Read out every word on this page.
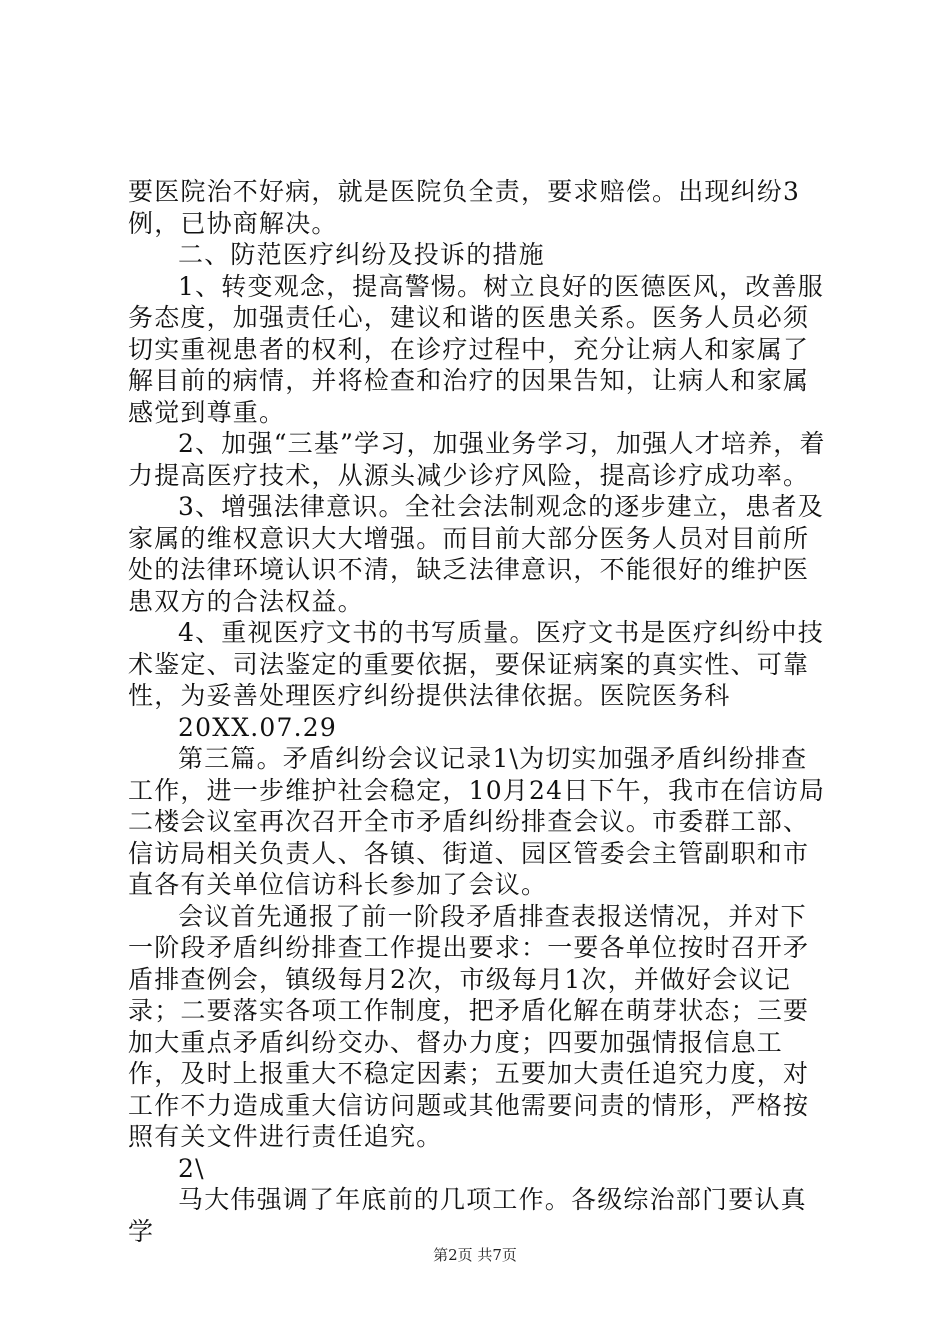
要医院治不好病，就是医院负全责，要求赔偿。出现纠纷3例，已协商解决。

二、防范医疗纠纷及投诉的措施

1、转变观念，提高警惕。树立良好的医德医风，改善服务态度，加强责任心，建议和谐的医患关系。医务人员必须切实重视患者的权利，在诊疗过程中，充分让病人和家属了解目前的病情，并将检查和治疗的因果告知，让病人和家属感觉到尊重。

2、加强“三基”学习，加强业务学习，加强人才培养，着力提高医疗技术，从源头减少诊疗风险，提高诊疗成功率。

3、增强法律意识。全社会法制观念的逐步建立，患者及家属的维权意识大大增强。而目前大部分医务人员对目前所处的法律环境认识不清，缺乏法律意识，不能很好的维护医患双方的合法权益。

4、重视医疗文书的书写质量。医疗文书是医疗纠纷中技术鉴定、司法鉴定的重要依据，要保证病案的真实性、可靠性，为妥善处理医疗纠纷提供法律依据。医院医务科

20XX.07.29

第三篇。矛盾纠纷会议记录1\为切实加强矛盾纠纷排查工作，进一步维护社会稳定，10月24日下午，我市在信访局二楼会议室再次召开全市矛盾纠纷排查会议。市委群工部、信访局相关负责人、各镇、街道、园区管委会主管副职和市直各有关单位信访科长参加了会议。

会议首先通报了前一阶段矛盾排查表报送情况，并对下一阶段矛盾纠纷排查工作提出要求：一要各单位按时召开矛盾排查例会，镇级每月2次，市级每月1次，并做好会议记录；二要落实各项工作制度，把矛盾化解在萌芽状态；三要加大重点矛盾纠纷交办、督办力度；四要加强情报信息工作，及时上报重大不稳定因素；五要加大责任追究力度，对工作不力造成重大信访问题或其他需要问责的情形，严格按照有关文件进行责任追究。

2\

马大伟强调了年底前的几项工作。各级综治部门要认真学

第2页 共7页
